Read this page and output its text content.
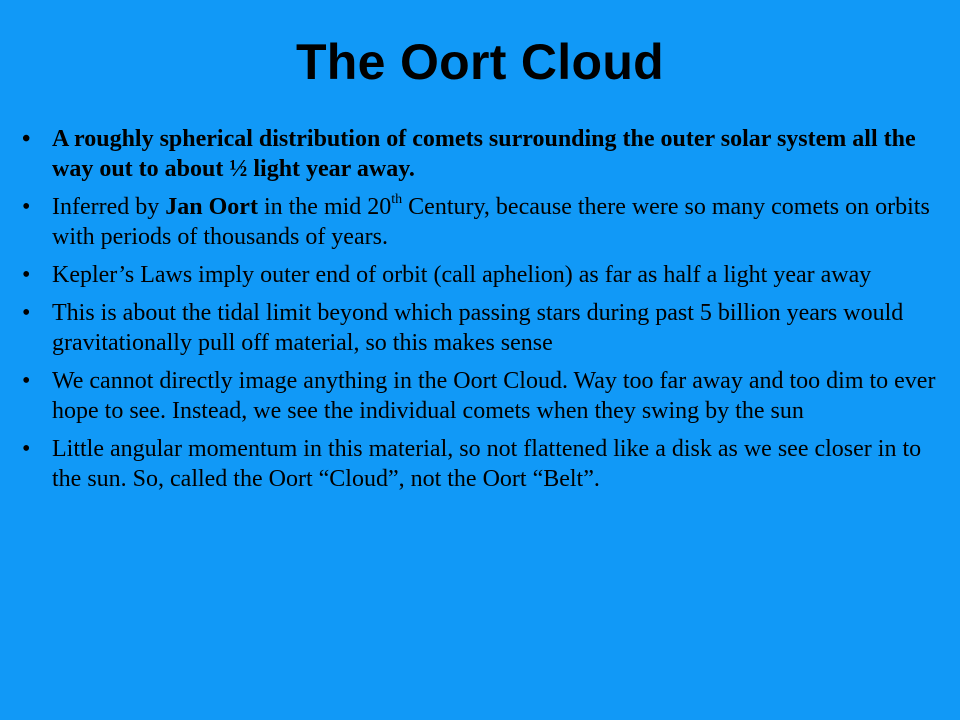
The Oort Cloud
• A roughly spherical distribution of comets surrounding the outer solar system all the way out to about ½ light year away.
• Inferred by Jan Oort in the mid 20th Century, because there were so many comets on orbits with periods of thousands of years.
• Kepler’s Laws imply outer end of orbit (call aphelion) as far as half a light year away
• This is about the tidal limit beyond which passing stars during past 5 billion years would gravitationally pull off material, so this makes sense
• We cannot directly image anything in the Oort Cloud. Way too far away and too dim to ever hope to see. Instead, we see the individual comets when they swing by the sun
• Little angular momentum in this material, so not flattened like a disk as we see closer in to the sun. So, called the Oort “Cloud”, not the Oort “Belt”.
